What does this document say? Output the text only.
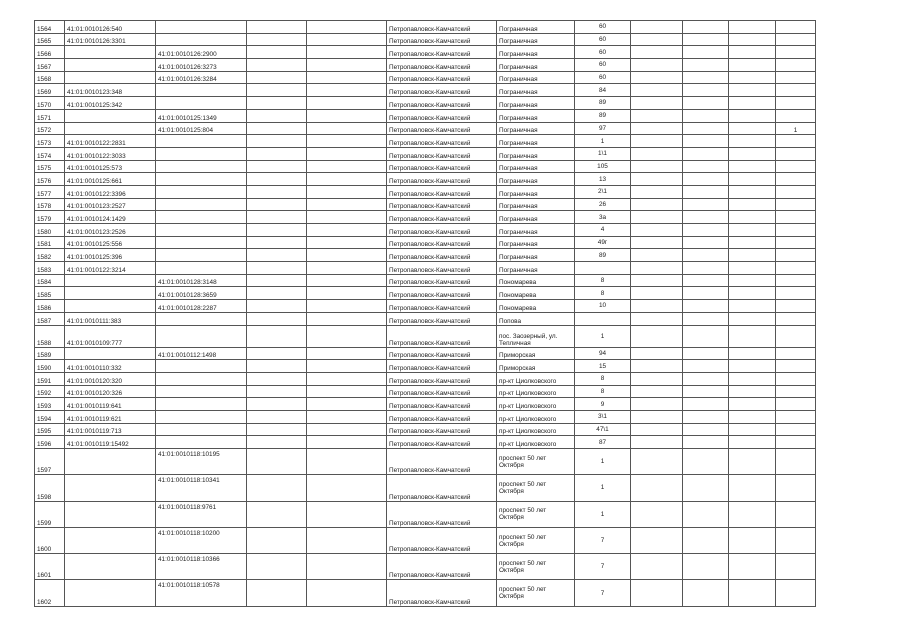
1564	41:01:0010126:540				Петропавловск-Камчатский	Пограничная	60				
1565	41:01:0010126:3301				Петропавловск-Камчатский	Пограничная	60				
1566		41:01:0010126:2900			Петропавловск-Камчатский	Пограничная	60				
1567		41:01:0010126:3273			Петропавловск-Камчатский	Пограничная	60				
1568		41:01:0010126:3284			Петропавловск-Камчатский	Пограничная	60				
1569	41:01:0010123:348				Петропавловск-Камчатский	Пограничная	84				
1570	41:01:0010125:342				Петропавловск-Камчатский	Пограничная	89				
1571		41:01:0010125:1349			Петропавловск-Камчатский	Пограничная	89				
1572		41:01:0010125:804			Петропавловск-Камчатский	Пограничная	97				1
1573	41:01:0010122:2831				Петропавловск-Камчатский	Пограничная	1				
1574	41:01:0010122:3033				Петропавловск-Камчатский	Пограничная	1\1				
1575	41:01:0010125:573				Петропавловск-Камчатский	Пограничная	105				
1576	41:01:0010125:661				Петропавловск-Камчатский	Пограничная	13				
1577	41:01:0010122:3396				Петропавловск-Камчатский	Пограничная	2\1				
1578	41:01:0010123:2527				Петропавловск-Камчатский	Пограничная	26				
1579	41:01:0010124:1429				Петропавловск-Камчатский	Пограничная	3а				
1580	41:01:0010123:2526				Петропавловск-Камчатский	Пограничная	4				
1581	41:01:0010125:556				Петропавловск-Камчатский	Пограничная	49г				
1582	41:01:0010125:396				Петропавловск-Камчатский	Пограничная	89				
1583	41:01:0010122:3214				Петропавловск-Камчатский	Пограничная					
1584		41:01:0010128:3148			Петропавловск-Камчатский	Пономарева	8				
1585		41:01:0010128:3659			Петропавловск-Камчатский	Пономарева	8				
1586		41:01:0010128:2287			Петропавловск-Камчатский	Пономарева	10				
1587	41:01:0010111:383				Петропавловск-Камчатский	Попова					
1588	41:01:0010109:777				Петропавловск-Камчатский	пос. Заозерный, ул. Тепличная	1				
1589		41:01:0010112:1498			Петропавловск-Камчатский	Приморская	94				
1590	41:01:0010110:332				Петропавловск-Камчатский	Приморская	15				
1591	41:01:0010120:320				Петропавловск-Камчатский	пр-кт Циолковского	8				
1592	41:01:0010120:326				Петропавловск-Камчатский	пр-кт Циолковского	8				
1593	41:01:0010119:641				Петропавловск-Камчатский	пр-кт Циолковского	9				
1594	41:01:0010119:621				Петропавловск-Камчатский	пр-кт Циолковского	3\1				
1595	41:01:0010119:713				Петропавловск-Камчатский	пр-кт Циолковского	47\1				
1596	41:01:0010119:15492				Петропавловск-Камчатский	пр-кт Циолковского	87				
1597		41:01:0010118:10195			Петропавловск-Камчатский	проспект 50 лет Октября	1				
1598		41:01:0010118:10341			Петропавловск-Камчатский	проспект 50 лет Октября	1				
1599		41:01:0010118:9761			Петропавловск-Камчатский	проспект 50 лет Октября	1				
1600		41:01:0010118:10200			Петропавловск-Камчатский	проспект 50 лет Октября	7				
1601		41:01:0010118:10366			Петропавловск-Камчатский	проспект 50 лет Октября	7				
1602		41:01:0010118:10578			Петропавловск-Камчатский	проспект 50 лет Октября	7				
